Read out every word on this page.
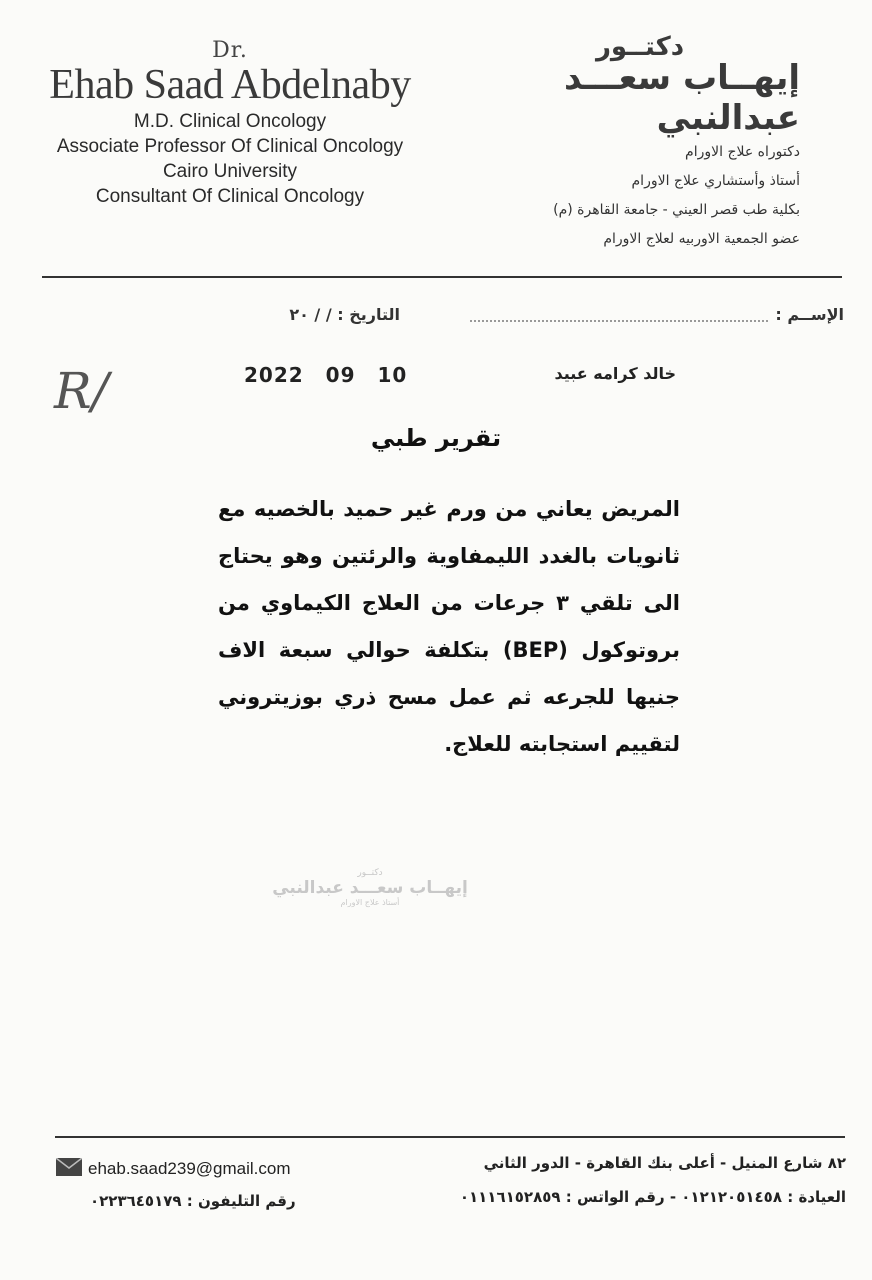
Dr.
Ehab Saad Abdelnaby
M.D. Clinical Oncology
Associate Professor Of Clinical Oncology
Cairo University
Consultant Of Clinical Oncology
دكتــور
إيهــاب سعـــد عبدالنبي
دكتوراه علاج الاورام
أستاذ وأستشاري علاج الاورام
بكلية طب قصر العيني - جامعة القاهرة (م)
عضو الجمعية الاوربيه لعلاج الاورام
الإســم :
التاريخ : / / ٢٠
R/	2022 09 10	خالد كرامه عبيد
تقرير طبي
المريض يعاني من ورم غير حميد بالخصيه مع ثانويات بالغدد الليمفاوية والرئتين وهو يحتاج الى تلقي ٣ جرعات من العلاج الكيماوي من بروتوكول (BEP) بتكلفة حوالي سبعة الاف جنيها للجرعه ثم عمل مسح ذري بوزيتروني لتقييم استجابته للعلاج.
دكتــور
إيهــاب سعـــد عبدالنبي
أستاذ علاج الاورام
٨٢ شارع المنيل - أعلى بنك القاهرة - الدور الثاني
ehab.saad239@gmail.com
العيادة : ٠١٢١٢٠٥١٤٥٨ - رقم الواتس : ٠١١١٦١٥٢٨٥٩
رقم التليفون : ٠٢٢٣٦٤٥١٧٩
